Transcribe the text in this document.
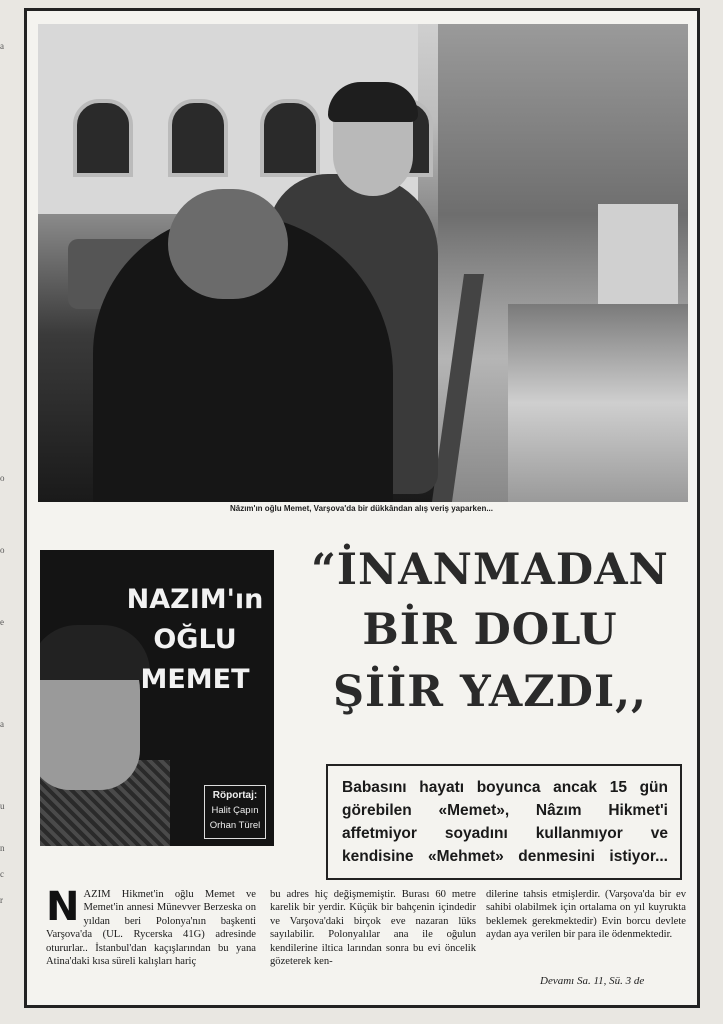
a
o
o
e
a
u
n
c
r
Nâzım'ın oğlu Memet, Varşova'da bir dükkândan alış veriş yaparken...
NAZIM'ın
OĞLU
MEMET
Röportaj:
Halit Çapın
Orhan Türel
“İNANMADAN
BİR DOLU
ŞİİR YAZDI,,
Babasını hayatı boyunca ancak 15 gün görebilen «Memet», Nâzım Hikmet'i affetmiyor soyadını kullanmıyor ve kendisine «Mehmet» denmesini istiyor...
N AZIM Hikmet'in oğlu Memet ve Memet'in annesi Münevver Berzeska on yıldan beri Polonya'nın başkenti Varşova'da (UL. Rycerska 41G) adresinde otururlar.. İstanbul'dan kaçışlarından bu yana Atina'daki kısa süreli kalışları hariç
bu adres hiç değişmemiştir. Burası 60 metre karelik bir yerdir. Küçük bir bahçenin içindedir ve Varşova'daki birçok eve nazaran lüks sayılabilir. Polonyalılar ana ile oğulun kendilerine iltica larından sonra bu evi öncelik gözeterek ken-
dilerine tahsis etmişlerdir. (Varşova'da bir ev sahibi olabilmek için ortalama on yıl kuyrukta beklemek gerekmektedir) Evin borcu devlete aydan aya verilen bir para ile ödenmektedir.
Devamı Sa. 11, Sü. 3 de
